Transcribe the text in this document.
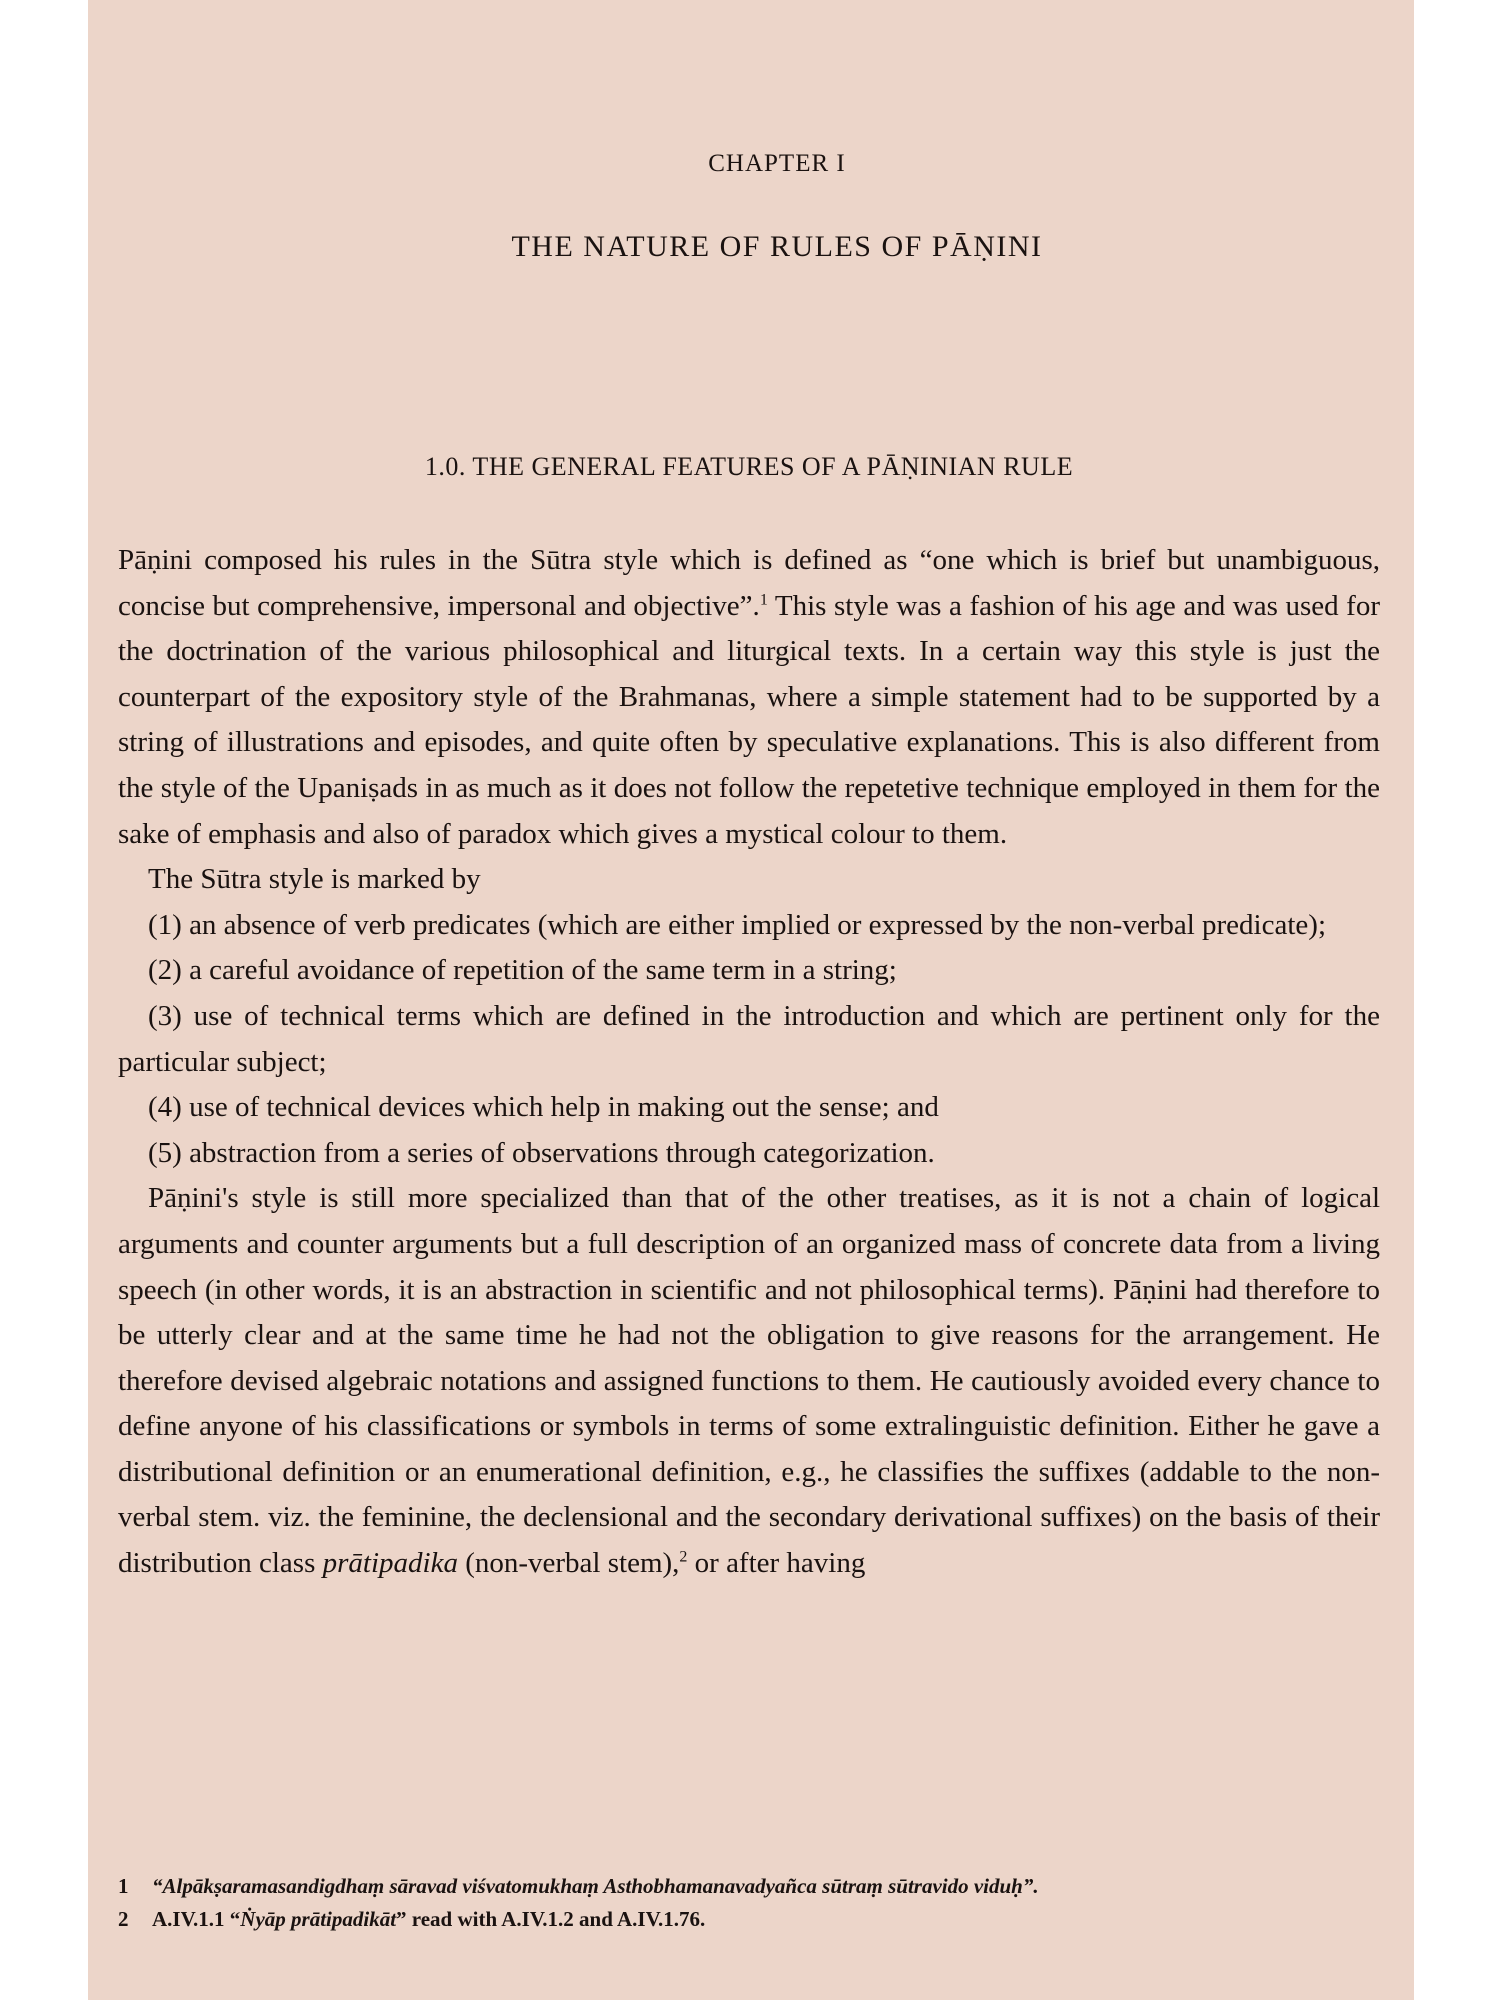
CHAPTER I
THE NATURE OF RULES OF PĀṆINI
1.0. THE GENERAL FEATURES OF A PĀṆINIAN RULE

Pāṇini composed his rules in the Sūtra style which is defined as “one which is brief but unambiguous, concise but comprehensive, impersonal and objective”.$^1$ This style was a fashion of his age and was used for the doctrination of the various philosophical and liturgical texts. In a certain way this style is just the counterpart of the expository style of the Brahmanas, where a simple statement had to be supported by a string of illustrations and episodes, and quite often by speculative explanations. This is also different from the style of the Upaniṣads in as much as it does not follow the repetetive technique employed in them for the sake of emphasis and also of paradox which gives a mystical colour to them.

The Sūtra style is marked by

(1) an absence of verb predicates (which are either implied or expressed by the non-verbal predicate);

(2) a careful avoidance of repetition of the same term in a string;

(3) use of technical terms which are defined in the introduction and which are pertinent only for the particular subject;

(4) use of technical devices which help in making out the sense; and

(5) abstraction from a series of observations through categorization.

Pāṇini's style is still more specialized than that of the other treatises, as it is not a chain of logical arguments and counter arguments but a full description of an organized mass of concrete data from a living speech (in other words, it is an abstraction in scientific and not philosophical terms). Pāṇini had therefore to be utterly clear and at the same time he had not the obligation to give reasons for the arrangement. He therefore devised algebraic notations and assigned functions to them. He cautiously avoided every chance to define anyone of his classifications or symbols in terms of some extralinguistic definition. Either he gave a distributional definition or an enumerational definition, e.g., he classifies the suffixes (addable to the non-verbal stem. viz. the feminine, the declensional and the secondary derivational suffixes) on the basis of their distribution class prātipadika (non-verbal stem),$^2$ or after having

1 “Alpākṣaramasandigdhaṃ sāravad viśvatomukhaṃ Asthobhamanavadyañca sūtraṃ sūtravido viduḥ”.
2 A.IV.1.1 “Ṅyāp prātipadikāt” read with A.IV.1.2 and A.IV.1.76.
